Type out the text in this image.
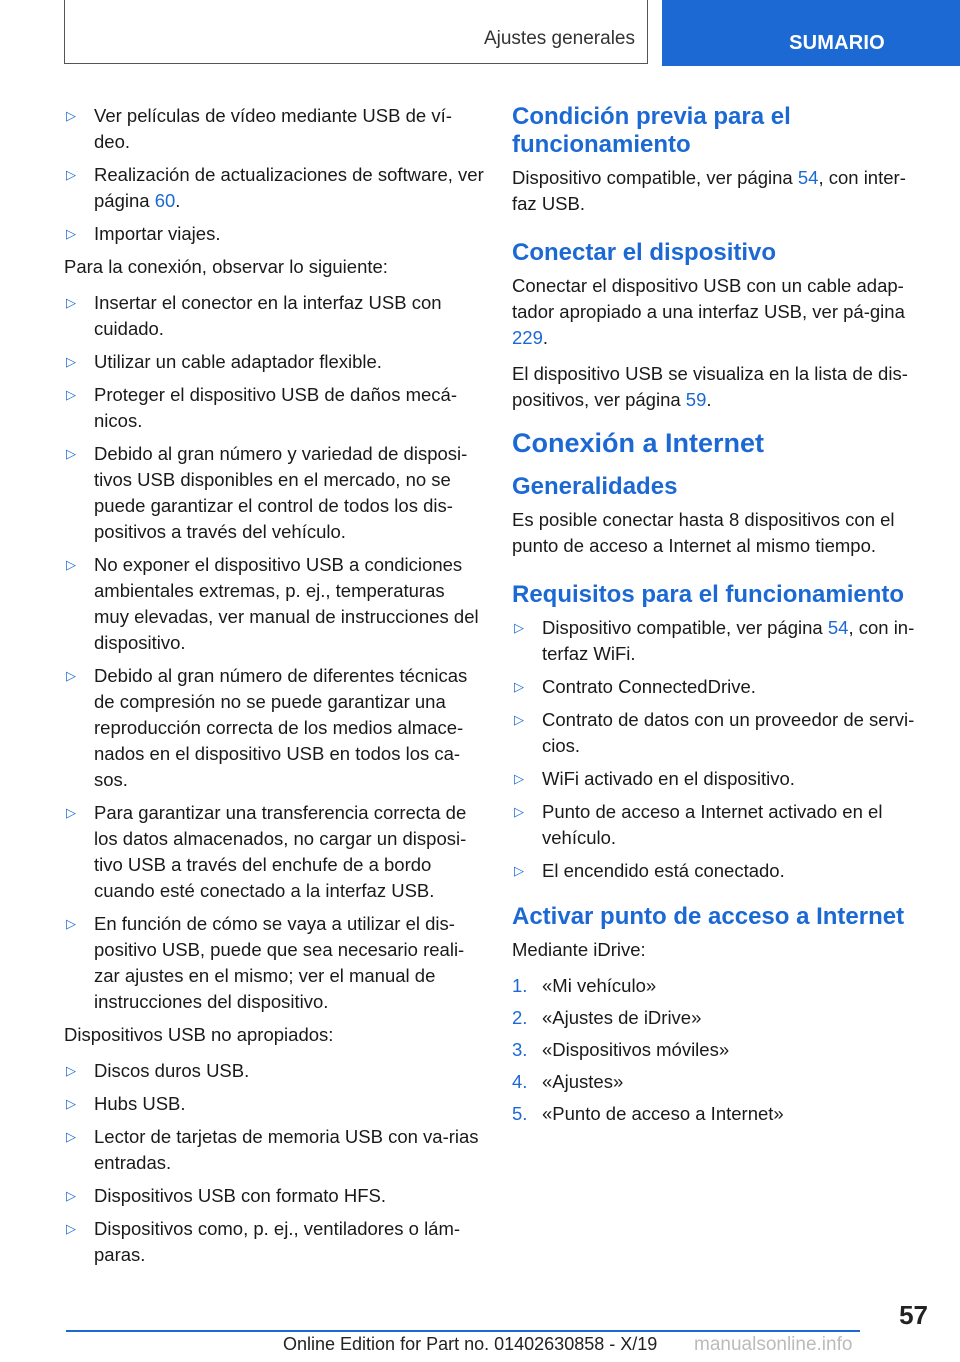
Ajustes generales	SUMARIO
▷ Ver películas de vídeo mediante USB de ví-deo.
▷ Realización de actualizaciones de software, ver página 60.
▷ Importar viajes.

Para la conexión, observar lo siguiente:

▷ Insertar el conector en la interfaz USB con cuidado.
▷ Utilizar un cable adaptador flexible.
▷ Proteger el dispositivo USB de daños mecá-nicos.
▷ Debido al gran número y variedad de disposi-tivos USB disponibles en el mercado, no se puede garantizar el control de todos los dis-positivos a través del vehículo.
▷ No exponer el dispositivo USB a condiciones ambientales extremas, p. ej., temperaturas muy elevadas, ver manual de instrucciones del dispositivo.
▷ Debido al gran número de diferentes técnicas de compresión no se puede garantizar una reproducción correcta de los medios almace-nados en el dispositivo USB en todos los ca-sos.
▷ Para garantizar una transferencia correcta de los datos almacenados, no cargar un disposi-tivo USB a través del enchufe de a bordo cuando esté conectado a la interfaz USB.
▷ En función de cómo se vaya a utilizar el dis-positivo USB, puede que sea necesario reali-zar ajustes en el mismo; ver el manual de instrucciones del dispositivo.

Dispositivos USB no apropiados:

▷ Discos duros USB.
▷ Hubs USB.
▷ Lector de tarjetas de memoria USB con va-rias entradas.
▷ Dispositivos USB con formato HFS.
▷ Dispositivos como, p. ej., ventiladores o lám-paras.
Condición previa para el funcionamiento

Dispositivo compatible, ver página 54, con inter-faz USB.

Conectar el dispositivo

Conectar el dispositivo USB con un cable adap-tador apropiado a una interfaz USB, ver pá-gina 229.

El dispositivo USB se visualiza en la lista de dis-positivos, ver página 59.

Conexión a Internet
Generalidades

Es posible conectar hasta 8 dispositivos con el punto de acceso a Internet al mismo tiempo.

Requisitos para el funcionamiento
▷ Dispositivo compatible, ver página 54, con in-terfaz WiFi.
▷ Contrato ConnectedDrive.
▷ Contrato de datos con un proveedor de servi-cios.
▷ WiFi activado en el dispositivo.
▷ Punto de acceso a Internet activado en el vehículo.
▷ El encendido está conectado.
Activar punto de acceso a Internet

Mediante iDrive:

1. «Mi vehículo»
2. «Ajustes de iDrive»
3. «Dispositivos móviles»
4. «Ajustes»
5. «Punto de acceso a Internet»
57
Online Edition for Part no. 01402630858 - X/19 manualsonline.info
